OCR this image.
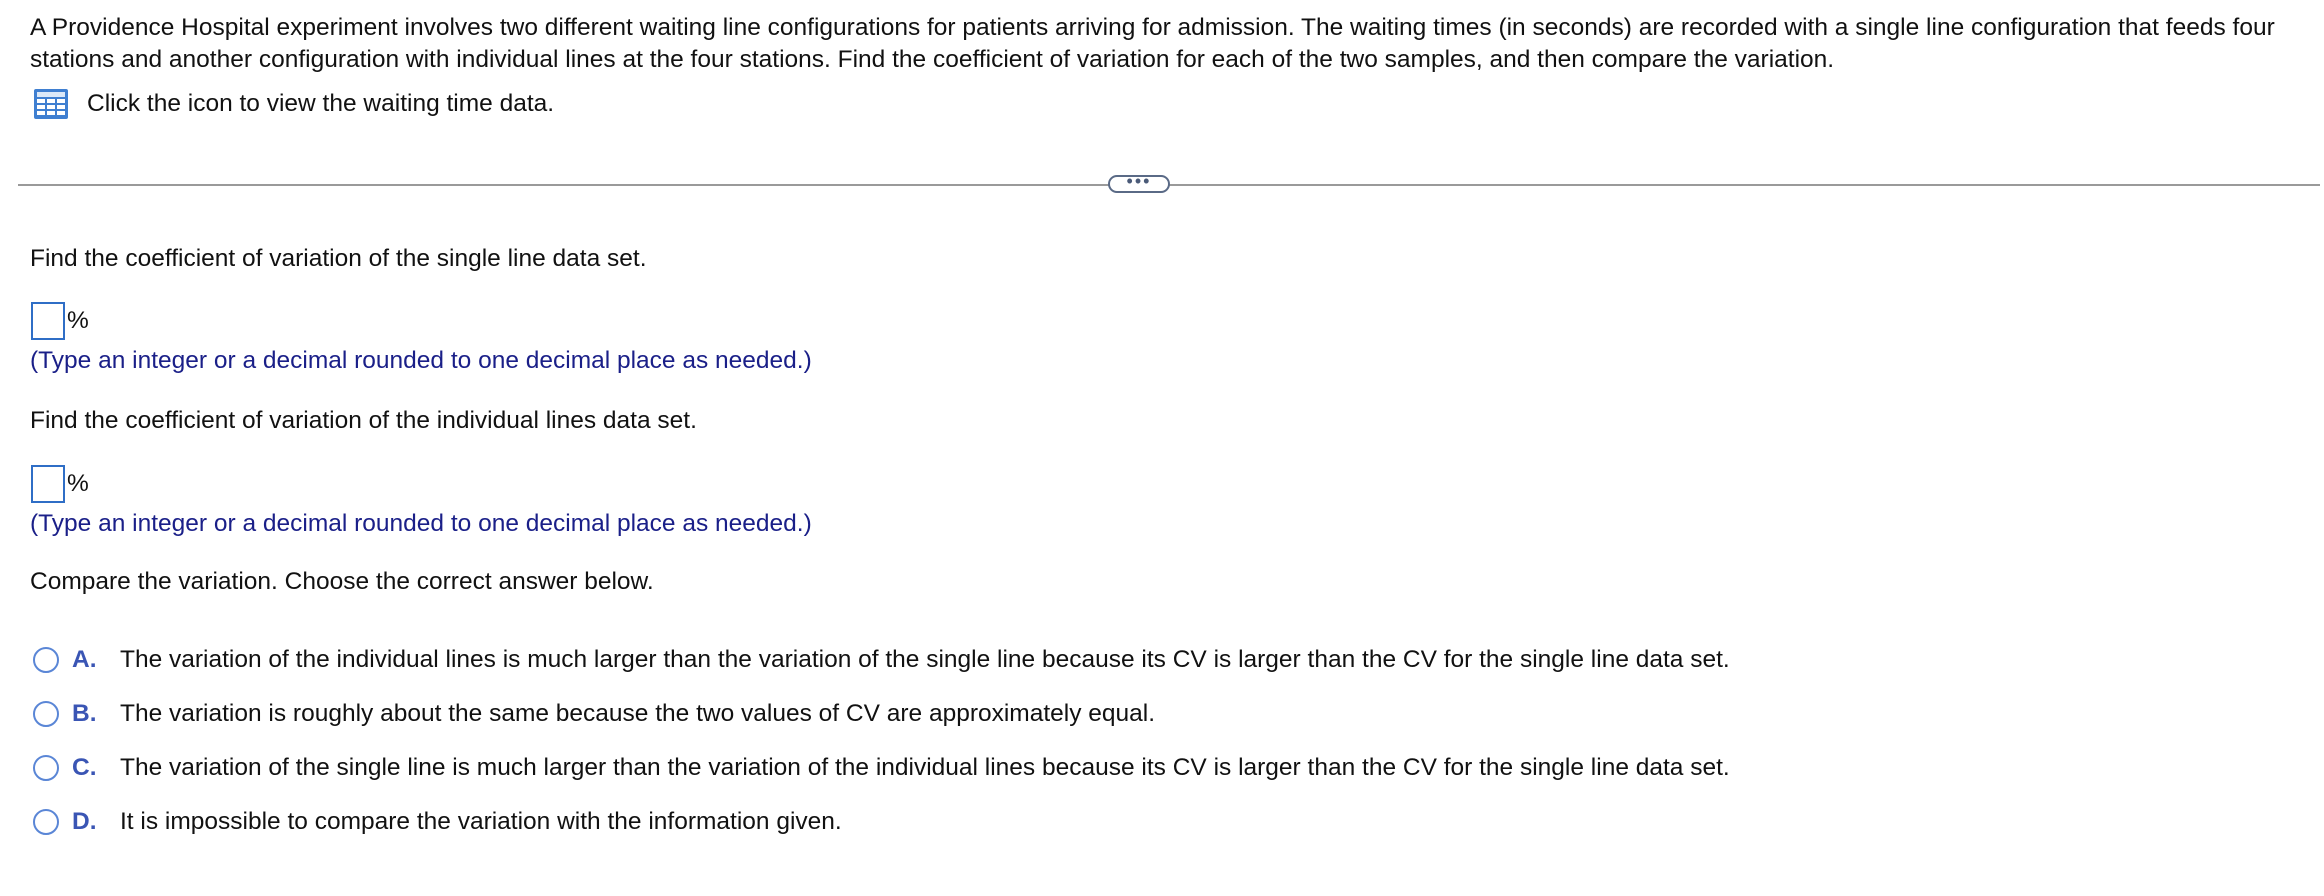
A Providence Hospital experiment involves two different waiting line configurations for patients arriving for admission. The waiting times (in seconds) are recorded with a single line configuration that feeds four stations and another configuration with individual lines at the four stations. Find the coefficient of variation for each of the two samples, and then compare the variation.
Click the icon to view the waiting time data.
•••
Find the coefficient of variation of the single line data set.
%
(Type an integer or a decimal rounded to one decimal place as needed.)
Find the coefficient of variation of the individual lines data set.
%
(Type an integer or a decimal rounded to one decimal place as needed.)
Compare the variation. Choose the correct answer below.
A. The variation of the individual lines is much larger than the variation of the single line because its CV is larger than the CV for the single line data set.
B. The variation is roughly about the same because the two values of CV are approximately equal.
C. The variation of the single line is much larger than the variation of the individual lines because its CV is larger than the CV for the single line data set.
D. It is impossible to compare the variation with the information given.
